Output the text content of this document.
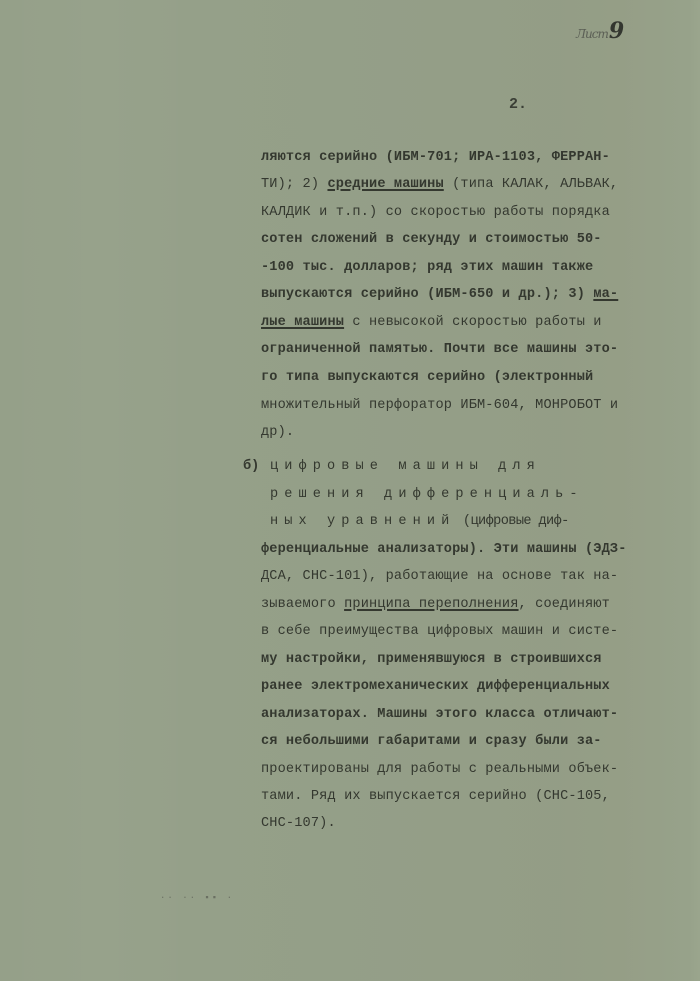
Лист9
2.
ляются серийно (ИБМ-701; ИРА-1103, ФЕРРАН-
ТИ); 2) средние машины (типа КАЛАК, АЛЬВАК,
КАЛДИК и т.п.) со скоростью работы порядка
сотен сложений в секунду и стоимостью 50-
-100 тыс. долларов; ряд этих машин также
выпускаются серийно (ИБМ-650 и др.); 3) ма-
лые машины с невысокой скоростью работы и
ограниченной памятью. Почти все машины это-
го типа выпускаются серийно (электронный
множительный перфоратор ИБМ-604, МОНРОБОТ и
др).
б) цифровые машины для
решения дифференциаль-
ных уравнений (цифровые диф-
ференциальные анализаторы). Эти машины (ЭДЗ-
ДСА, СНС-101), работающие на основе так на-
зываемого принципа переполнения, соединяют
в себе преимущества цифровых машин и систе-
му настройки, применявшуюся в строившихся
ранее электромеханических дифференциальных
анализаторах. Машины этого класса отличают-
ся небольшими габаритами и сразу были за-
проектированы для работы с реальными объек-
тами. Ряд их выпускается серийно (СНС-105,
СНС-107).
·· ·· ▪▪ ·
